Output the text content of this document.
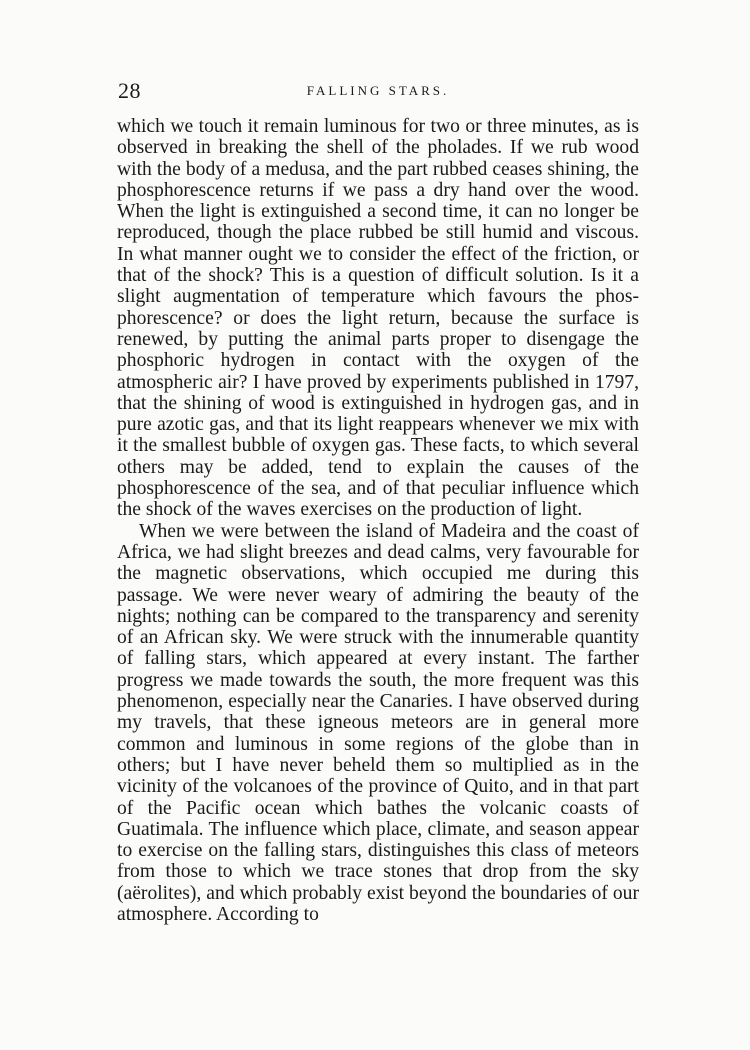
28	FALLING STARS.

which we touch it remain luminous for two or three minutes, as is observed in breaking the shell of the pholades. If we rub wood with the body of a medusa, and the part rubbed ceases shining, the phosphorescence returns if we pass a dry hand over the wood. When the light is extinguished a second time, it can no longer be reproduced, though the place rubbed be still humid and viscous. In what manner ought we to consider the effect of the friction, or that of the shock? This is a question of difficult solution. Is it a slight augmentation of temperature which favours the phosphorescence? or does the light return, because the surface is renewed, by putting the animal parts proper to disengage the phosphoric hydrogen in contact with the oxygen of the atmospheric air? I have proved by experiments published in 1797, that the shining of wood is extinguished in hydrogen gas, and in pure azotic gas, and that its light reappears whenever we mix with it the smallest bubble of oxygen gas. These facts, to which several others may be added, tend to explain the causes of the phosphorescence of the sea, and of that peculiar influence which the shock of the waves exercises on the production of light.

When we were between the island of Madeira and the coast of Africa, we had slight breezes and dead calms, very favourable for the magnetic observations, which occupied me during this passage. We were never weary of admiring the beauty of the nights; nothing can be compared to the transparency and serenity of an African sky. We were struck with the innumerable quantity of falling stars, which appeared at every instant. The farther progress we made towards the south, the more frequent was this phenomenon, especially near the Canaries. I have observed during my travels, that these igneous meteors are in general more common and luminous in some regions of the globe than in others; but I have never beheld them so multiplied as in the vicinity of the volcanoes of the province of Quito, and in that part of the Pacific ocean which bathes the volcanic coasts of Guatimala. The influence which place, climate, and season appear to exercise on the falling stars, distinguishes this class of meteors from those to which we trace stones that drop from the sky (aërolites), and which probably exist beyond the boundaries of our atmosphere. According to
